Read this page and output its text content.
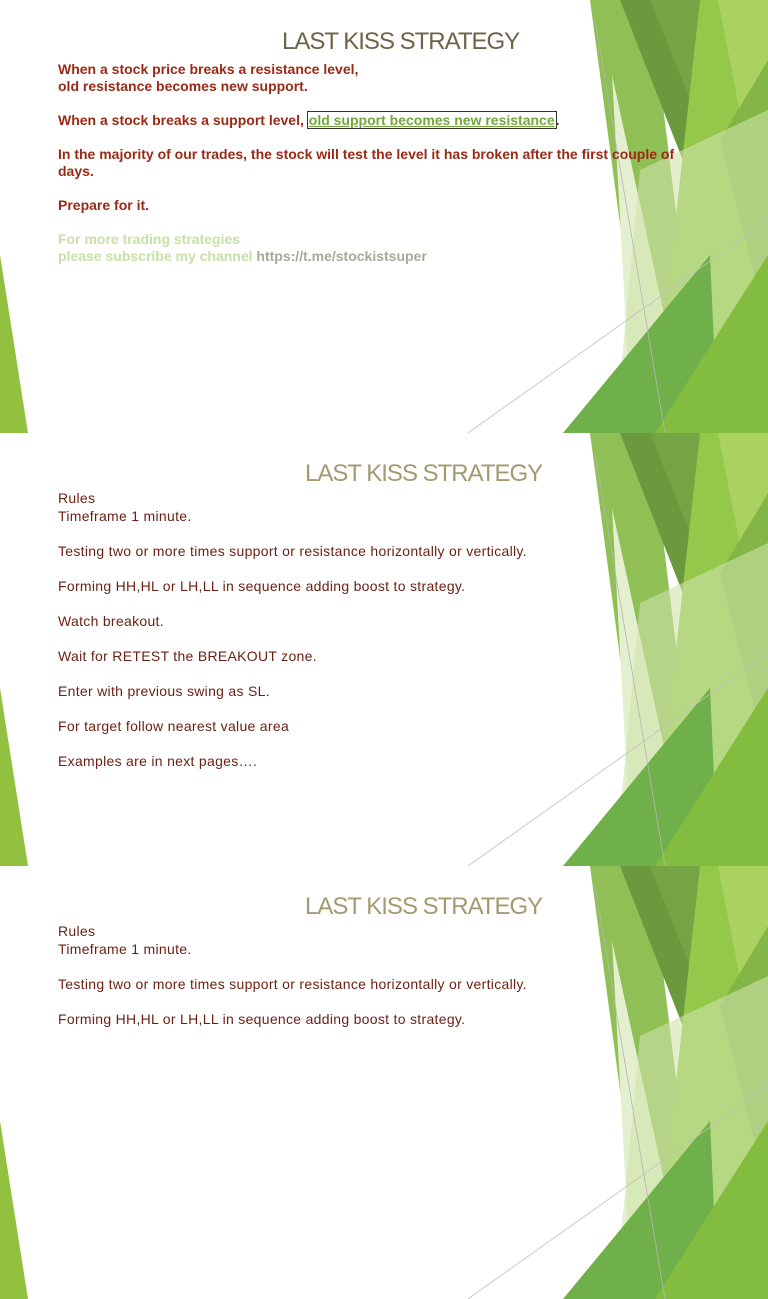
LAST KISS STRATEGY

When a stock price breaks a resistance level,
old resistance becomes new support.

When a stock breaks a support level, old support becomes new resistance.

In the majority of our trades, the stock will test the level it has broken after the first couple of days.

Prepare for it.

For more trading strategies
please subscribe my channel https://t.me/stockistsuper

LAST KISS STRATEGY

Rules

Timeframe 1 minute.

Testing two or more times support or resistance horizontally or vertically.

Forming HH,HL or LH,LL in sequence adding boost to strategy.

Watch breakout.

Wait for RETEST the BREAKOUT zone.

Enter with previous swing as SL.

For target follow nearest value area

Examples are in next pages….

LAST KISS STRATEGY

Rules

Timeframe 1 minute.

Testing two or more times support or resistance horizontally or vertically.

Forming HH,HL or LH,LL in sequence adding boost to strategy.
